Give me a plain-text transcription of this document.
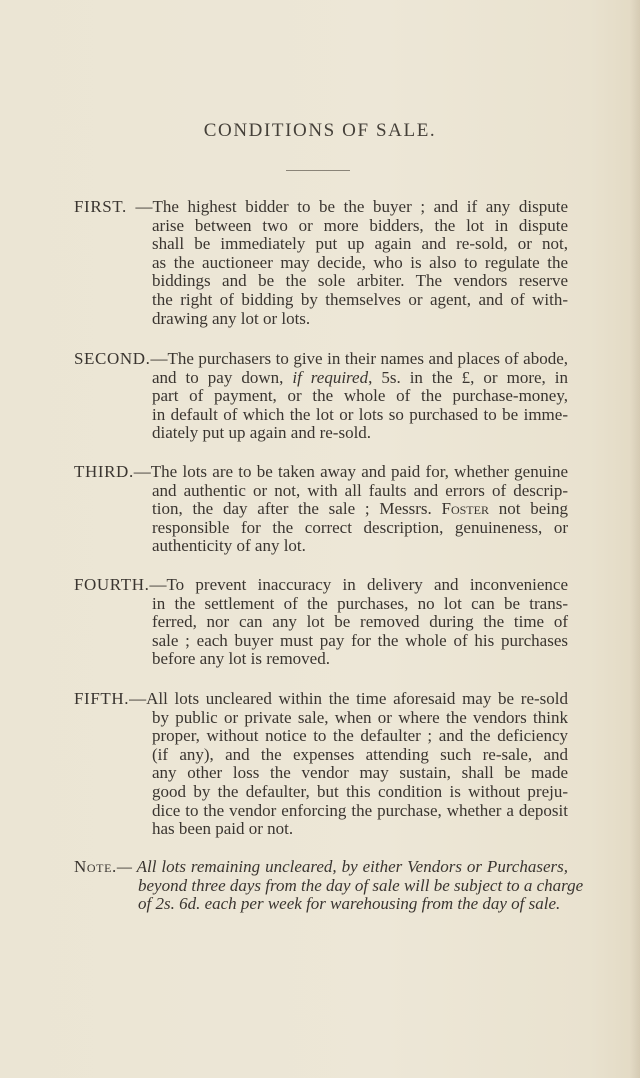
CONDITIONS OF SALE.
FIRST. —The highest bidder to be the buyer ; and if any dispute
arise between two or more bidders, the lot in dispute
shall be immediately put up again and re-sold, or not,
as the auctioneer may decide, who is also to regulate the
biddings and be the sole arbiter. The vendors reserve
the right of bidding by themselves or agent, and of with-
drawing any lot or lots.
SECOND.—The purchasers to give in their names and places of abode,
and to pay down, if required, 5s. in the £, or more, in
part of payment, or the whole of the purchase-money,
in default of which the lot or lots so purchased to be imme-
diately put up again and re-sold.
THIRD.—The lots are to be taken away and paid for, whether genuine
and authentic or not, with all faults and errors of descrip-
tion, the day after the sale ; Messrs. Foster not being
responsible for the correct description, genuineness, or
authenticity of any lot.
FOURTH.—To prevent inaccuracy in delivery and inconvenience
in the settlement of the purchases, no lot can be trans-
ferred, nor can any lot be removed during the time of
sale ; each buyer must pay for the whole of his purchases
before any lot is removed.
FIFTH.—All lots uncleared within the time aforesaid may be re-sold
by public or private sale, when or where the vendors think
proper, without notice to the defaulter ; and the deficiency
(if any), and the expenses attending such re-sale, and
any other loss the vendor may sustain, shall be made
good by the defaulter, but this condition is without preju-
dice to the vendor enforcing the purchase, whether a deposit
has been paid or not.
Note.— All lots remaining uncleared, by either Vendors or Purchasers,
beyond three days from the day of sale will be subject to a charge
of 2s. 6d. each per week for warehousing from the day of sale.
